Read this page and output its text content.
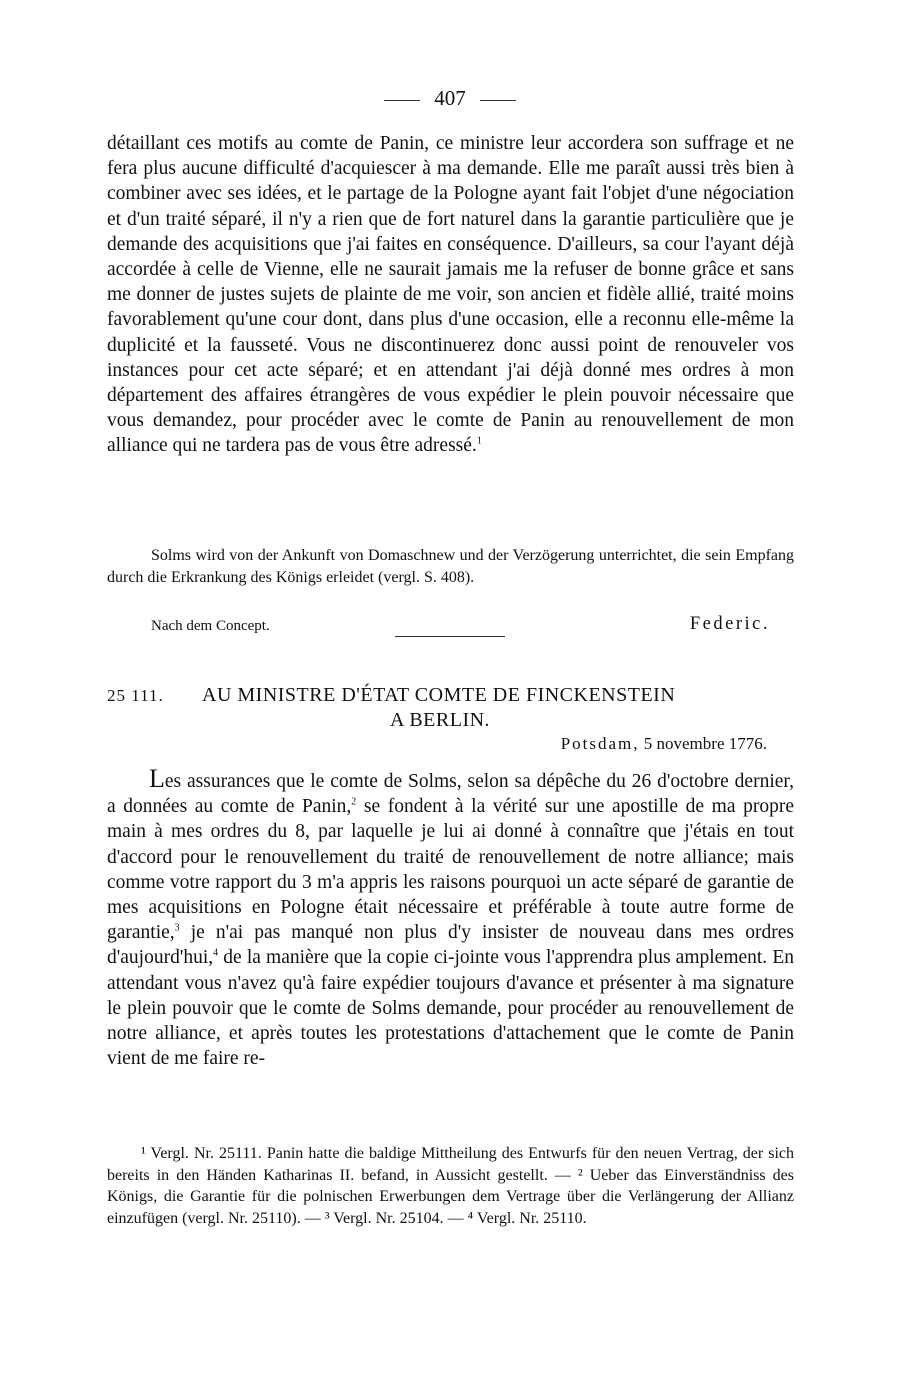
407

détaillant ces motifs au comte de Panin, ce ministre leur accordera son suffrage et ne fera plus aucune difficulté d'acquiescer à ma demande. Elle me paraît aussi très bien à combiner avec ses idées, et le partage de la Pologne ayant fait l'objet d'une négociation et d'un traité séparé, il n'y a rien que de fort naturel dans la garantie particulière que je demande des acquisitions que j'ai faites en conséquence. D'ailleurs, sa cour l'ayant déjà accordée à celle de Vienne, elle ne saurait jamais me la refuser de bonne grâce et sans me donner de justes sujets de plainte de me voir, son ancien et fidèle allié, traité moins favorablement qu'une cour dont, dans plus d'une occasion, elle a reconnu elle-même la duplicité et la fausseté. Vous ne discontinuerez donc aussi point de renouveler vos instances pour cet acte séparé; et en attendant j'ai déjà donné mes ordres à mon département des affaires étrangères de vous expédier le plein pouvoir nécessaire que vous demandez, pour procéder avec le comte de Panin au renouvellement de mon alliance qui ne tardera pas de vous être adressé.$^1$

Solms wird von der Ankunft von Domaschnew und der Verzögerung unterrichtet, die sein Empfang durch die Erkrankung des Königs erleidet (vergl. S. 408).

Nach dem Concept.	Federic.
25 111. AU MINISTRE D'ÉTAT COMTE DE FINCKENSTEIN
A BERLIN.
Potsdam, 5 novembre 1776.

Les assurances que le comte de Solms, selon sa dépêche du 26 d'octobre dernier, a données au comte de Panin,$^2$ se fondent à la vérité sur une apostille de ma propre main à mes ordres du 8, par laquelle je lui ai donné à connaître que j'étais en tout d'accord pour le renouvellement du traité de renouvellement de notre alliance; mais comme votre rapport du 3 m'a appris les raisons pourquoi un acte séparé de garantie de mes acquisitions en Pologne était nécessaire et préférable à toute autre forme de garantie,$^3$ je n'ai pas manqué non plus d'y insister de nouveau dans mes ordres d'aujourd'hui,$^4$ de la manière que la copie ci-jointe vous l'apprendra plus amplement. En attendant vous n'avez qu'à faire expédier toujours d'avance et présenter à ma signature le plein pouvoir que le comte de Solms demande, pour procéder au renouvellement de notre alliance, et après toutes les protestations d'attachement que le comte de Panin vient de me faire re-

¹ Vergl. Nr. 25111. Panin hatte die baldige Mittheilung des Entwurfs für den neuen Vertrag, der sich bereits in den Händen Katharinas II. befand, in Aussicht gestellt. — ² Ueber das Einverständniss des Königs, die Garantie für die polnischen Erwerbungen dem Vertrage über die Verlängerung der Allianz einzufügen (vergl. Nr. 25110). — ³ Vergl. Nr. 25104. — ⁴ Vergl. Nr. 25110.
